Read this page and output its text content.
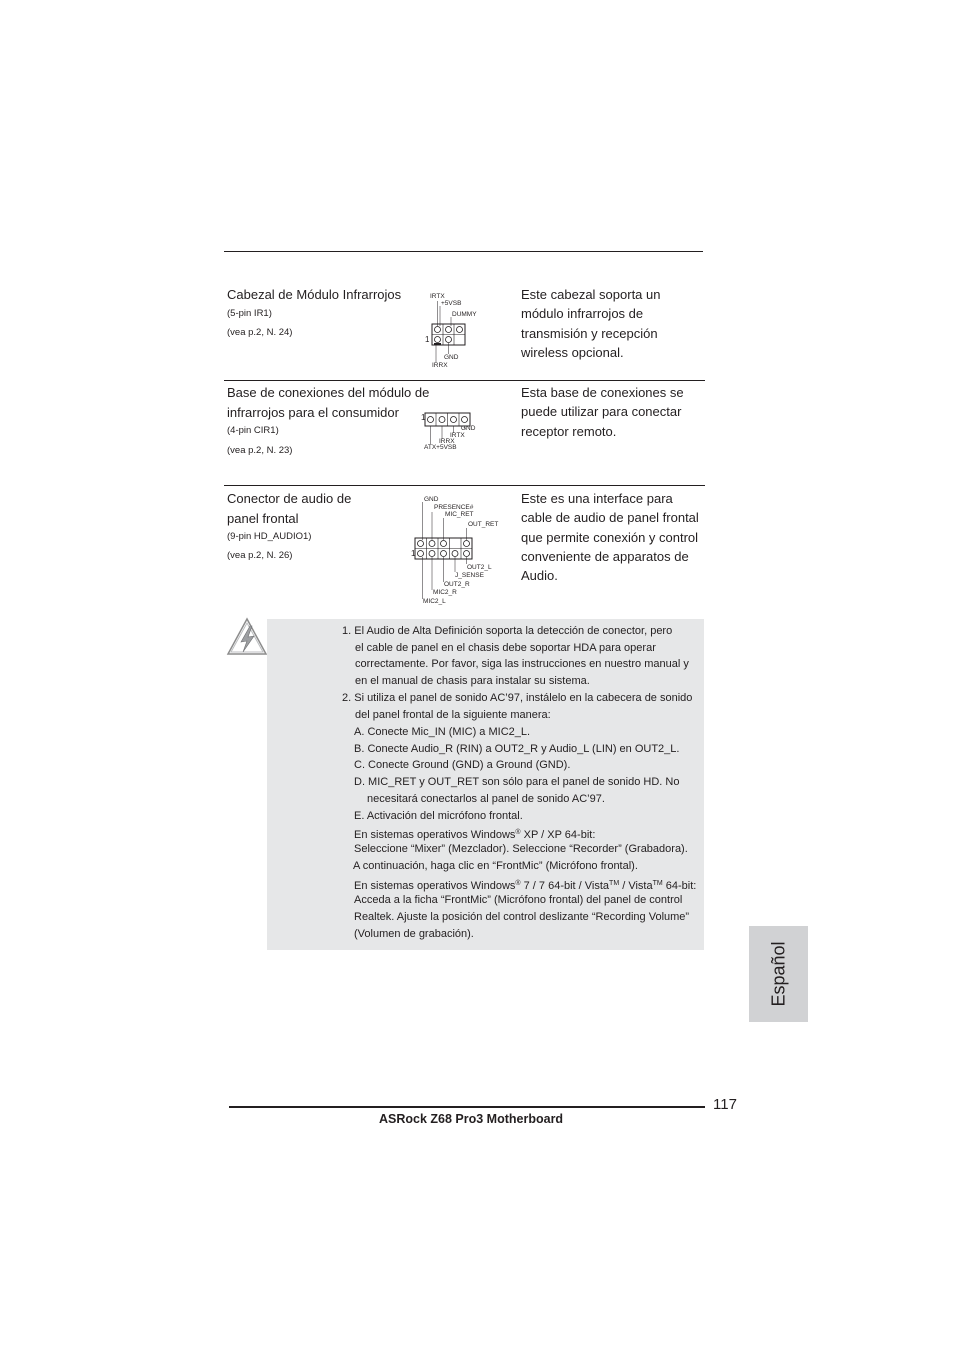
Cabezal de Módulo Infrarrojos
(5-pin IR1)
(vea p.2, N. 24)
IRTX
+5VSB
DUMMY
1
GND
IRRX
Este cabezal soporta un
módulo infrarrojos de
transmisión y recepción
wireless opcional.
Base de conexiones del módulo de
infrarrojos para el consumidor
(4-pin CIR1)
(vea p.2, N. 23)
1
GND
IRTX
IRRX
ATX+5VSB
Esta base de conexiones se
puede utilizar para conectar
receptor remoto.
Conector de audio de
panel frontal
(9-pin HD_AUDIO1)
(vea p.2, N. 26)
GND
PRESENCE#
MIC_RET
OUT_RET
1
OUT2_L
J_SENSE
OUT2_R
MIC2_R
MIC2_L
Este es una interface para
cable de audio de panel frontal
que permite conexión y control
conveniente de apparatos de
Audio.
1. El Audio de Alta Definición soporta la detección de conector, pero
el cable de panel en el chasis debe soportar HDA para operar
correctamente. Por favor, siga las instrucciones en nuestro manual y
en el manual de chasis para instalar su sistema.
2. Si utiliza el panel de sonido AC’97, instálelo en la cabecera de sonido
del panel frontal de la siguiente manera:
A. Conecte Mic_IN (MIC) a MIC2_L.
B. Conecte Audio_R (RIN) a OUT2_R y Audio_L (LIN) en OUT2_L.
C. Conecte Ground (GND) a Ground (GND).
D. MIC_RET y OUT_RET son sólo para el panel de sonido HD. No
necesitará conectarlos al panel de sonido AC’97.
E. Activación del micrófono frontal.
En sistemas operativos Windows® XP / XP 64-bit:
Seleccione “Mixer” (Mezclador). Seleccione “Recorder” (Grabadora).
A continuación, haga clic en “FrontMic” (Micrófono frontal).
En sistemas operativos Windows® 7 / 7 64-bit / Vista™ / Vista™ 64-bit:
Acceda a la ficha “FrontMic” (Micrófono frontal) del panel de control
Realtek. Ajuste la posición del control deslizante “Recording Volume”
(Volumen de grabación).
Español
117
ASRock Z68 Pro3 Motherboard
